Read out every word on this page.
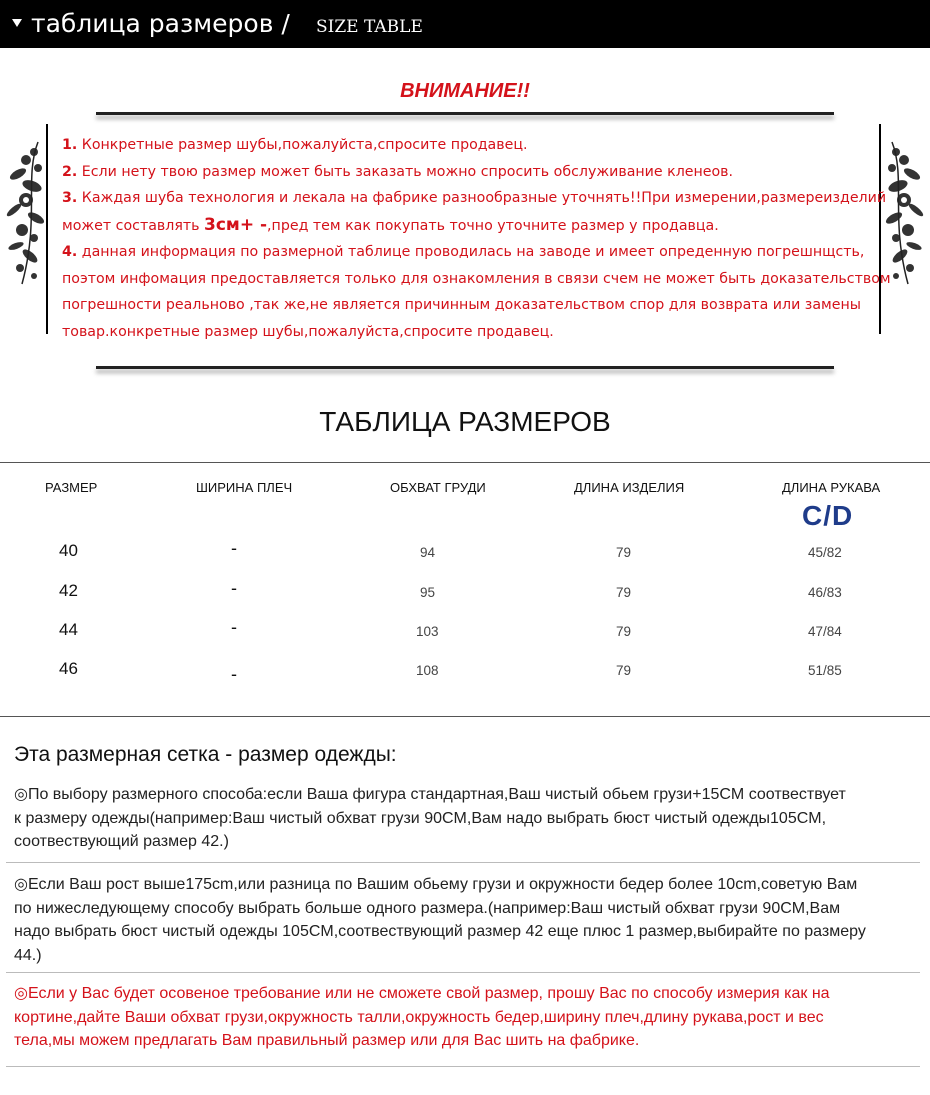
таблица размеров / SIZE TABLE
ВНИМАНИЕ!!

1. Конкретные размер шубы,пожалуйста,спросите продавец.

2. Если нету твою размер может быть заказать можно спросить обслуживание кленеов.

3. Каждая шуба технология и лекала на фабрике разнообразные уточнять!!При измерении,размереизделий

может составлять 3см+ -,пред тем как покупать точно уточните размер у продавца.

4. данная информация по размерной таблице проводилась на заводе и имеет опреденную погрешнщсть,

поэтом инфомация предоставляется только для ознакомления в связи счем не может быть доказательством

погрешности реальново ,так же,не является причинным доказательством спор для возврата или замены

товар.конкретные размер шубы,пожалуйста,спросите продавец.

ТАБЛИЦА РАЗМЕРОВ
РАЗМЕР	ШИРИНА ПЛЕЧ	ОБХВАТ ГРУДИ	ДЛИНА ИЗДЕЛИЯ	ДЛИНА РУКАВА
C/D
40	-	94	79	45/82
42	-	95	79	46/83
44	-	103	79	47/84
46	-	108	79	51/85
Эта размерная сетка - размер одежды:

◎По выбору размерного способа:если Ваша фигура стандартная,Ваш чистый обьем грузи+15CM соотвествует

к размеру одежды(например:Ваш чистый обхват грузи 90CM,Вам надо выбрать бюст чистый одежды105CM,

соотвествующий размер 42.)

◎Если Ваш рост выше175cm,или разница по Вашим обьему грузи и окружности бедер более 10cm,советую Вам

по нижеследующему способу выбрать больше одного размера.(например:Ваш чистый обхват грузи 90CM,Вам

надо выбрать бюст чистый одежды 105CM,соотвествующий размер 42 еще плюс 1 размер,выбирайте по размеру

44.)

◎Если у Вас будет осовеное требование или не сможете свой размер, прошу Вас по способу измерия как на

кортине,дайте Ваши обхват грузи,окружность талли,окружность бедер,ширину плеч,длину рукава,рост и вес

тела,мы можем предлагать Вам правильный размер или для Вас шить на фабрике.
